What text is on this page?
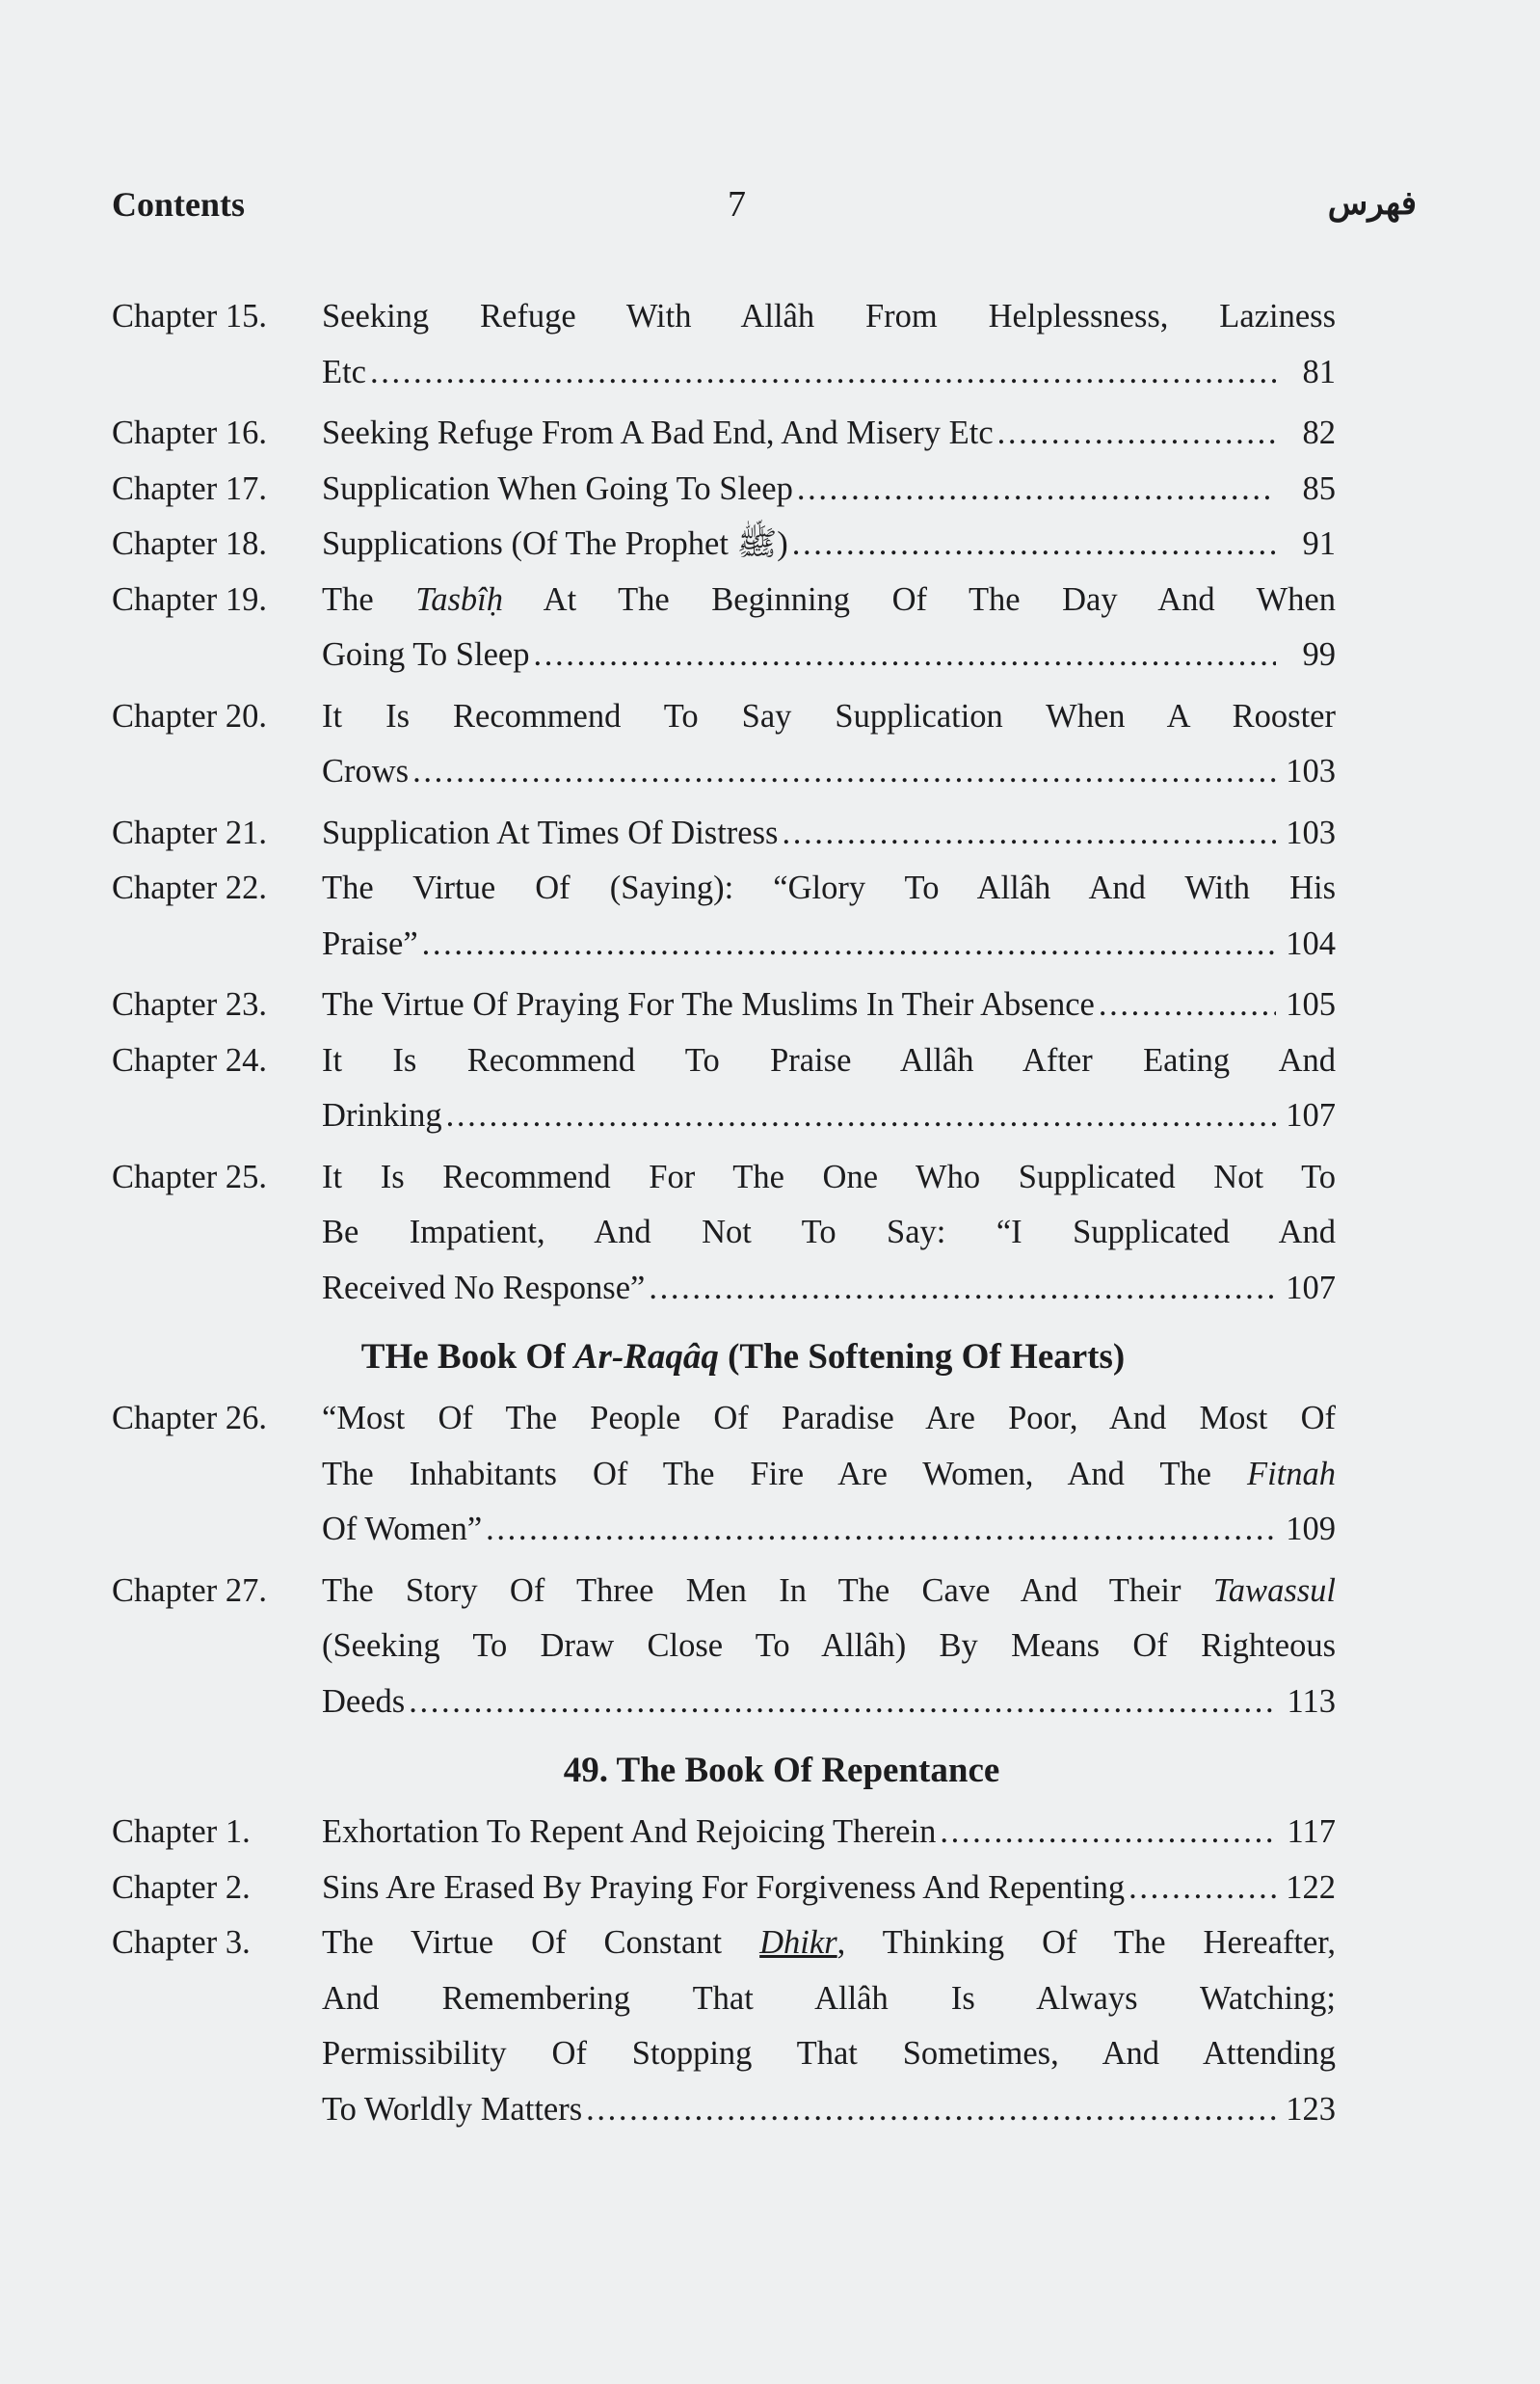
Contents	7	فهرس
Chapter 15.	Seeking Refuge With Allâh From Helplessness, Laziness
Etc . . .	81
Chapter 16.	Seeking Refuge From A Bad End, And Misery Etc . . .	82
Chapter 17.	Supplication When Going To Sleep . . .	85
Chapter 18.	Supplications (Of The Prophet ﷺ) . . .	91
Chapter 19.	The Tasbîḥ At The Beginning Of The Day And When
Going To Sleep . . .	99
Chapter 20.	It Is Recommend To Say Supplication When A Rooster
Crows . . .	103
Chapter 21.	Supplication At Times Of Distress . . .	103
Chapter 22.	The Virtue Of (Saying): “Glory To Allâh And With His
Praise” . . .	104
Chapter 23.	The Virtue Of Praying For The Muslims In Their Absence . . .	105
Chapter 24.	It Is Recommend To Praise Allâh After Eating And
Drinking . . .	107
Chapter 25.	It Is Recommend For The One Who Supplicated Not To
Be Impatient, And Not To Say: “I Supplicated And
Received No Response” . . .	107
THe Book Of Ar-Raqâq (The Softening Of Hearts)
Chapter 26.	“Most Of The People Of Paradise Are Poor, And Most Of
The Inhabitants Of The Fire Are Women, And The Fitnah
Of Women” . . .	109
Chapter 27.	The Story Of Three Men In The Cave And Their Tawassul
(Seeking To Draw Close To Allâh) By Means Of Righteous
Deeds . . .	113
49. The Book Of Repentance
Chapter 1.	Exhortation To Repent And Rejoicing Therein . . .	117
Chapter 2.	Sins Are Erased By Praying For Forgiveness And Repenting . . .	122
Chapter 3.	The Virtue Of Constant Dhikr, Thinking Of The Hereafter,
And Remembering That Allâh Is Always Watching;
Permissibility Of Stopping That Sometimes, And Attending
To Worldly Matters . . .	123
